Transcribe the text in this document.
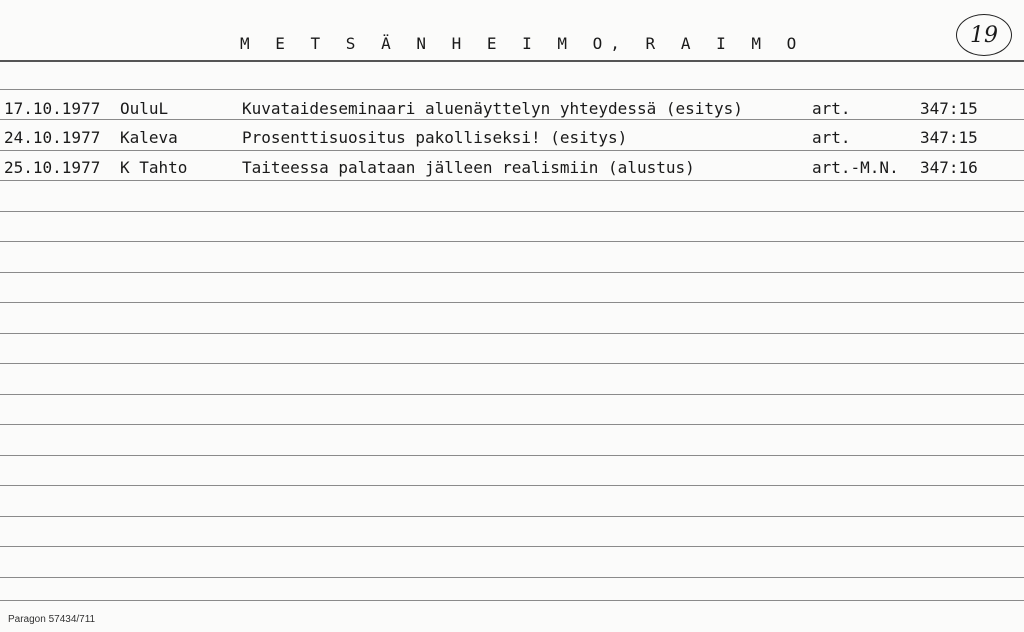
M E T S Ä N H E I M O, R A I M O	19
17.10.1977 OuluL	Kuvataideseminaari aluenäyttelyn yhteydessä (esitys)	art.	347:15
24.10.1977 Kaleva	Prosenttisuositus pakolliseksi! (esitys)	art.	347:15
25.10.1977 K Tahto	Taiteessa palataan jälleen realismiin (alustus)	art.-M.N. 347:16
Paragon 57434/711
